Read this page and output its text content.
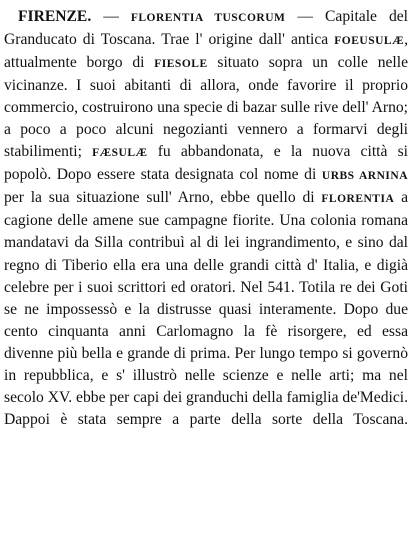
FIRENZE. — FLORENTIA TUSCORUM — Capitale del Granducato di Toscana. Trae l' origine dall' antica FOEUSULÆ, attualmente borgo di FIESOLE situato sopra un colle nelle vicinanze. I suoi abitanti di allora, onde favorire il proprio commercio, costruirono una specie di bazar sulle rive dell' Arno; a poco a poco alcuni negozianti vennero a formarvi degli stabilimenti; FÆSULÆ fu abbandonata, e la nuova città si popolò. Dopo essere stata designata col nome di URBS ARNINA per la sua situazione sull' Arno, ebbe quello di FLORENTIA a cagione delle amene sue campagne fiorite. Una colonia romana mandatavi da Silla contribuì al di lei ingrandimento, e sino dal regno di Tiberio ella era una delle grandi città d' Italia, e digià celebre per i suoi scrittori ed oratori. Nel 541. Totila re dei Goti se ne impossessò e la distrusse quasi interamente. Dopo due cento cinquanta anni Carlomagno la fè risorgere, ed essa divenne più bella e grande di prima. Per lungo tempo si governò in repubblica, e s' illustrò nelle scienze e nelle arti; ma nel secolo XV. ebbe per capi dei granduchi della famiglia de'Medici. Dappoi è stata sempre a parte della sorte della Toscana.
